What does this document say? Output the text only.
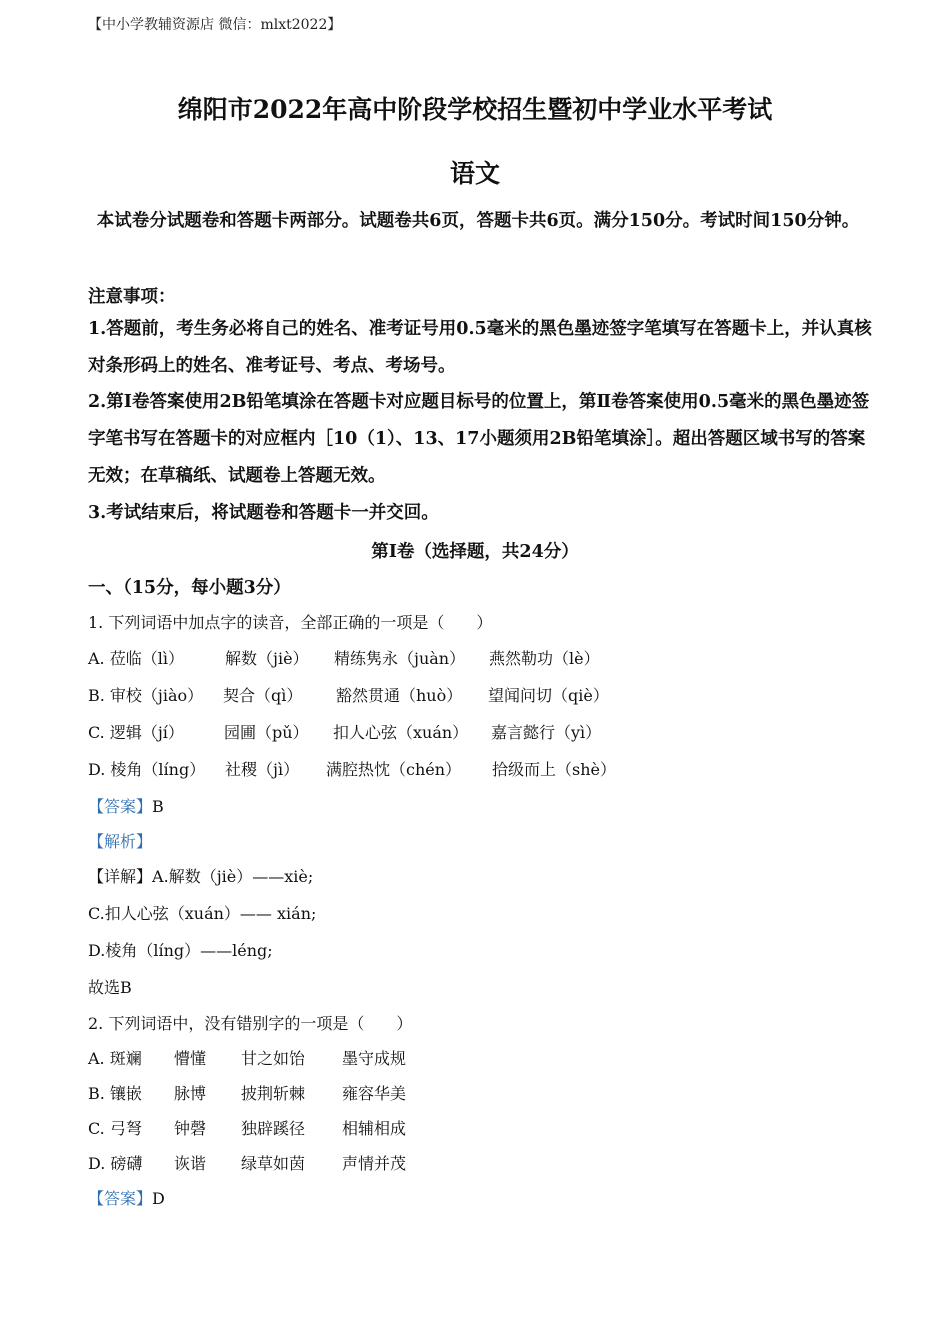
【中小学教辅资源店 微信：mlxt2022】
绵阳市2022年高中阶段学校招生暨初中学业水平考试
语文
本试卷分试题卷和答题卡两部分。试题卷共6页，答题卡共6页。满分150分。考试时间150分钟。
注意事项：
1.答题前，考生务必将自己的姓名、准考证号用0.5毫米的黑色墨迹签字笔填写在答题卡上，并认真核对条形码上的姓名、准考证号、考点、考场号。
2.第Ⅰ卷答案使用2B铅笔填涂在答题卡对应题目标号的位置上，第Ⅱ卷答案使用0.5毫米的黑色墨迹签字笔书写在答题卡的对应框内［10（1）、13、17小题须用2B铅笔填涂］。超出答题区域书写的答案无效；在草稿纸、试题卷上答题无效。
3.考试结束后，将试题卷和答题卡一并交回。
第Ⅰ卷（选择题，共24分）
一、（15分，每小题3分）
1. 下列词语中加点字的读音，全部正确的一项是（　　）
A. 莅临（lì）	解数（jiè） 精练隽永（juàn） 燕然勒功（lè）
B. 审校（jiào） 契合（qì） 豁然贯通（huò） 望闻问切（qiè）
C. 逻辑（jí）	园圃（pǔ） 扣人心弦（xuán） 嘉言懿行（yì）
D. 棱角（líng） 社稷（jì） 满腔热忱（chén） 拾级而上（shè）
【答案】B
【解析】
【详解】A.解数（jiè）——xiè;
C.扣人心弦（xuán）—— xián;
D.棱角（líng）——léng;
故选B
2. 下列词语中，没有错别字的一项是（　　）
A. 斑斓 懵懂 甘之如饴 墨守成规
B. 镶嵌 脉博 披荆斩棘 雍容华美
C. 弓弩 钟磬 独辟蹊径 相辅相成
D. 磅礴 诙谐 绿草如茵 声情并茂
【答案】D
